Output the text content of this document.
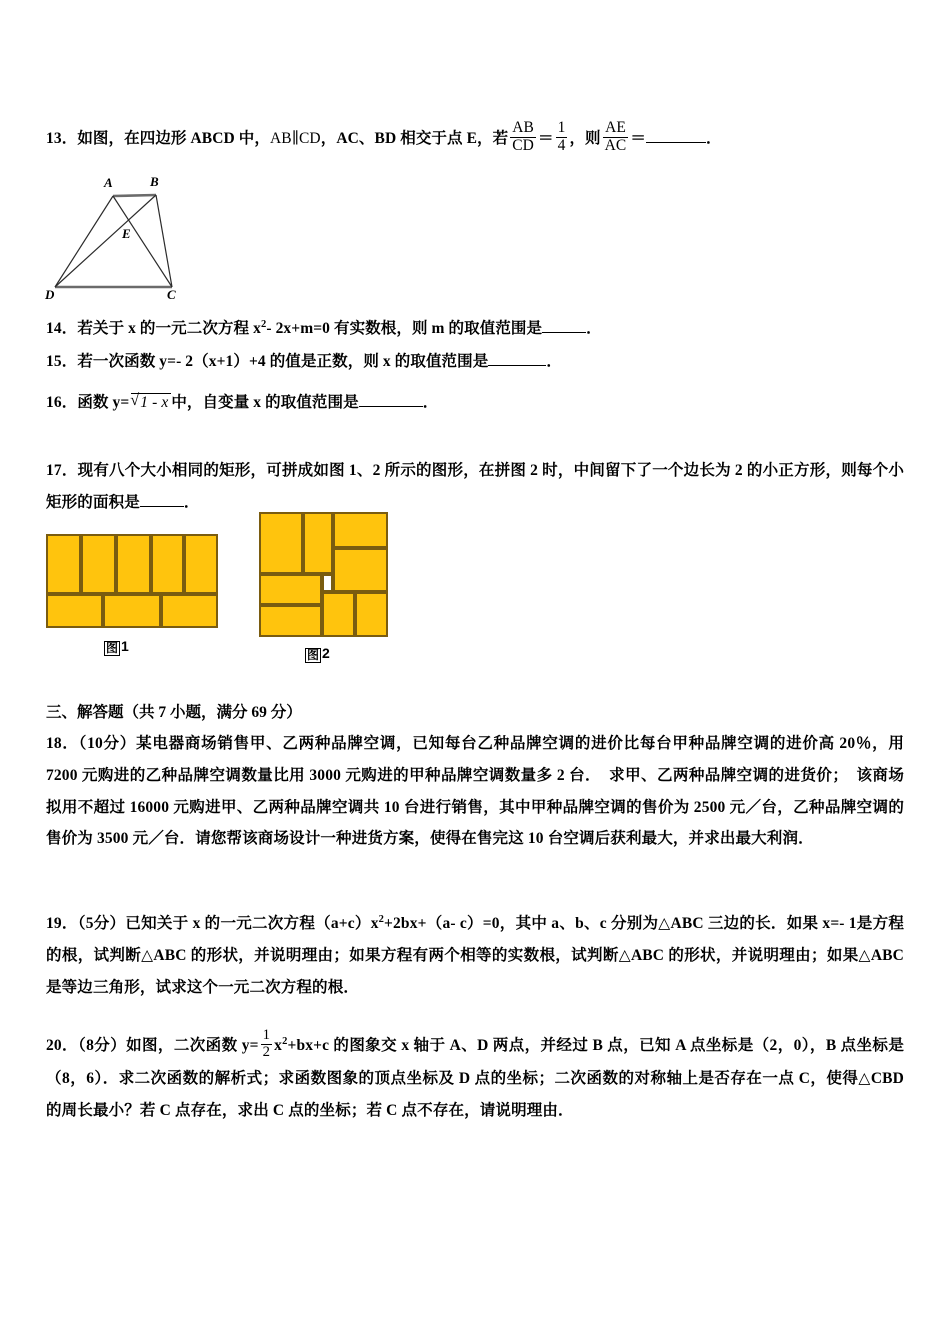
13．如图，在四边形 ABCD 中，AB∥CD，AC、BD 相交于点 E，若 $\frac{AB}{CD} = \frac{1}{4}$ ，则 $\frac{AE}{AC}$ ＝	．
A	B
E
C
D
14．若关于 x 的一元二次方程 $x^2‑$ 2x+m=0 有实数根，则 m 的取值范围是	．
15．若一次函数 y=‑ 2（x+1）+4 的值是正数，则 x 的取值范围是	．
16．函数 y= √ 1 - x 中，自变量 x 的取值范围是	．
17．现有八个大小相同的矩形，可拼成如图 1、2 所示的图形，在拼图 2 时，中间留下了一个边长为 2 的小正方形，则每个小矩形的面积是	．
图 1
图 2
三、解答题（共 7 小题，满分 69 分）
18．（10分）某电器商场销售甲、乙两种品牌空调，已知每台乙种品牌空调的进价比每台甲种品牌空调的进价高 20％，用 7200 元购进的乙种品牌空调数量比用 3000 元购进的甲种品牌空调数量多 2 台．　求甲、乙两种品牌空调的进货价；　该商场拟用不超过 16000 元购进甲、乙两种品牌空调共 10 台进行销售，其中甲种品牌空调的售价为 2500 元／台，乙种品牌空调的售价为 3500 元／台．请您帮该商场设计一种进货方案，使得在售完这 10 台空调后获利最大，并求出最大利润．
19．（5分）已知关于 x 的一元二次方程$(a+c)x^2+2bx+(a‑$ c）=0，其中 a、b、c 分别为△ABC 三边的长．如果 x=‑ 1是方程的根，试判断△ABC 的形状，并说明理由；如果方程有两个相等的实数根，试判断△ABC 的形状，并说明理由；如果△ABC 是等边三角形，试求这个一元二次方程的根．
20．（8分）如图，二次函数 $y= \frac{1}{2} x^2+bx+c$ 的图象交 x 轴于 A、D 两点，并经过 B 点，已知 A 点坐标是（2，0），B 点坐标是（8，6）．求二次函数的解析式；求函数图象的顶点坐标及 D 点的坐标；二次函数的对称轴上是否存在一点 C，使得△CBD 的周长最小？若 C 点存在，求出 C 点的坐标；若 C 点不存在，请说明理由．
